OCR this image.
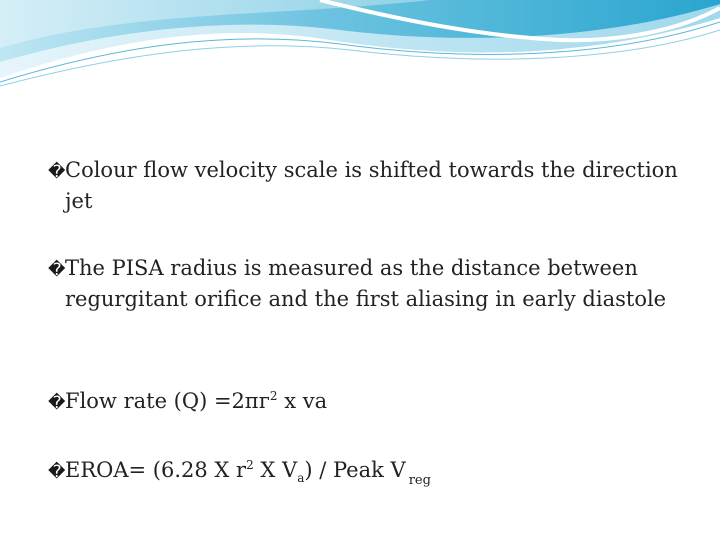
�Colour flow velocity scale is shifted towards the direction
jet
�The PISA radius is measured as the distance between
regurgitant orifice and the first aliasing in early diastole
�Flow rate $(Q) =2пг^2$ x va
�EROA= (6.28 X $r^2$ X $V_a$) / Peak V $_{reg}$
